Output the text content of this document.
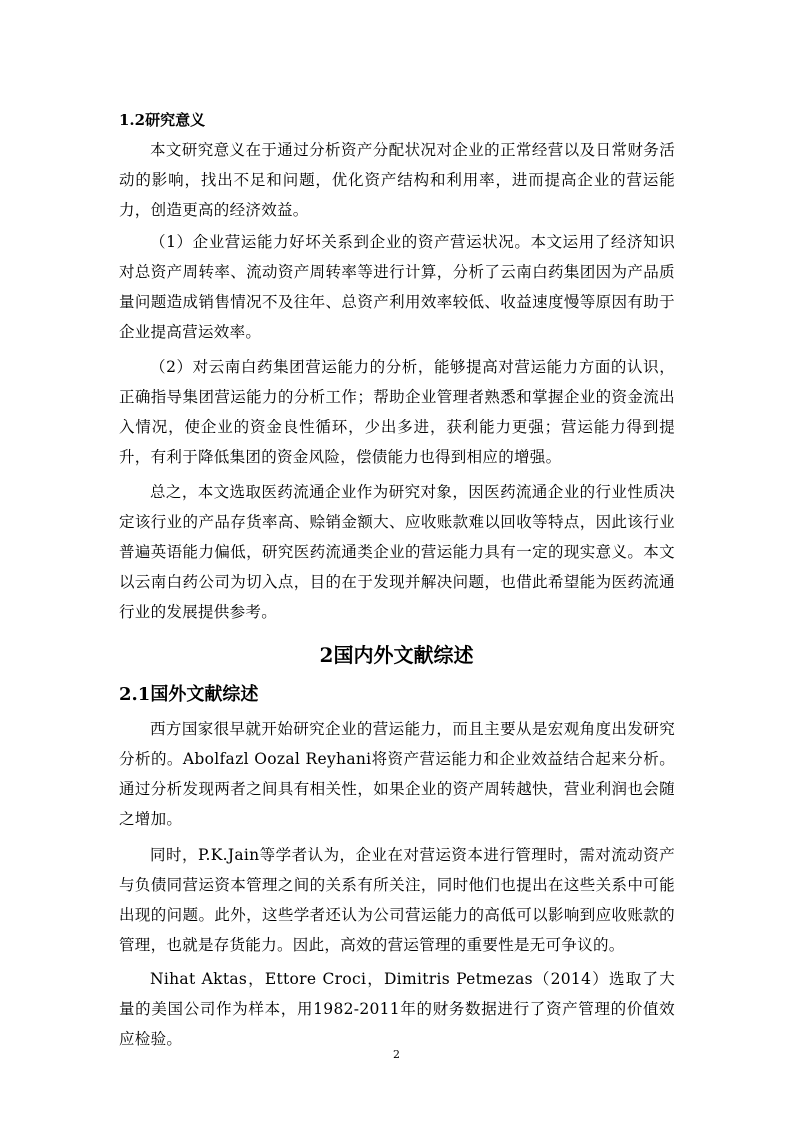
1.2研究意义

本文研究意义在于通过分析资产分配状况对企业的正常经营以及日常财务活动的影响，找出不足和问题，优化资产结构和利用率，进而提高企业的营运能力，创造更高的经济效益。

（1）企业营运能力好坏关系到企业的资产营运状况。本文运用了经济知识对总资产周转率、流动资产周转率等进行计算，分析了云南白药集团因为产品质量问题造成销售情况不及往年、总资产利用效率较低、收益速度慢等原因有助于企业提高营运效率。

（2）对云南白药集团营运能力的分析，能够提高对营运能力方面的认识，正确指导集团营运能力的分析工作；帮助企业管理者熟悉和掌握企业的资金流出入情况，使企业的资金良性循环，少出多进，获利能力更强；营运能力得到提升，有利于降低集团的资金风险，偿债能力也得到相应的增强。

总之，本文选取医药流通企业作为研究对象，因医药流通企业的行业性质决定该行业的产品存货率高、赊销金额大、应收账款难以回收等特点，因此该行业普遍英语能力偏低，研究医药流通类企业的营运能力具有一定的现实意义。本文以云南白药公司为切入点，目的在于发现并解决问题，也借此希望能为医药流通行业的发展提供参考。

2国内外文献综述
2.1国外文献综述

西方国家很早就开始研究企业的营运能力，而且主要从是宏观角度出发研究分析的。Abolfazl Oozal Reyhani将资产营运能力和企业效益结合起来分析。通过分析发现两者之间具有相关性，如果企业的资产周转越快，营业利润也会随之增加。

同时，P.K.Jain等学者认为，企业在对营运资本进行管理时，需对流动资产与负债同营运资本管理之间的关系有所关注，同时他们也提出在这些关系中可能出现的问题。此外，这些学者还认为公司营运能力的高低可以影响到应收账款的管理，也就是存货能力。因此，高效的营运管理的重要性是无可争议的。

Nihat Aktas，Ettore Croci，Dimitris Petmezas（2014）选取了大量的美国公司作为样本，用1982-2011年的财务数据进行了资产管理的价值效应检验。

2
